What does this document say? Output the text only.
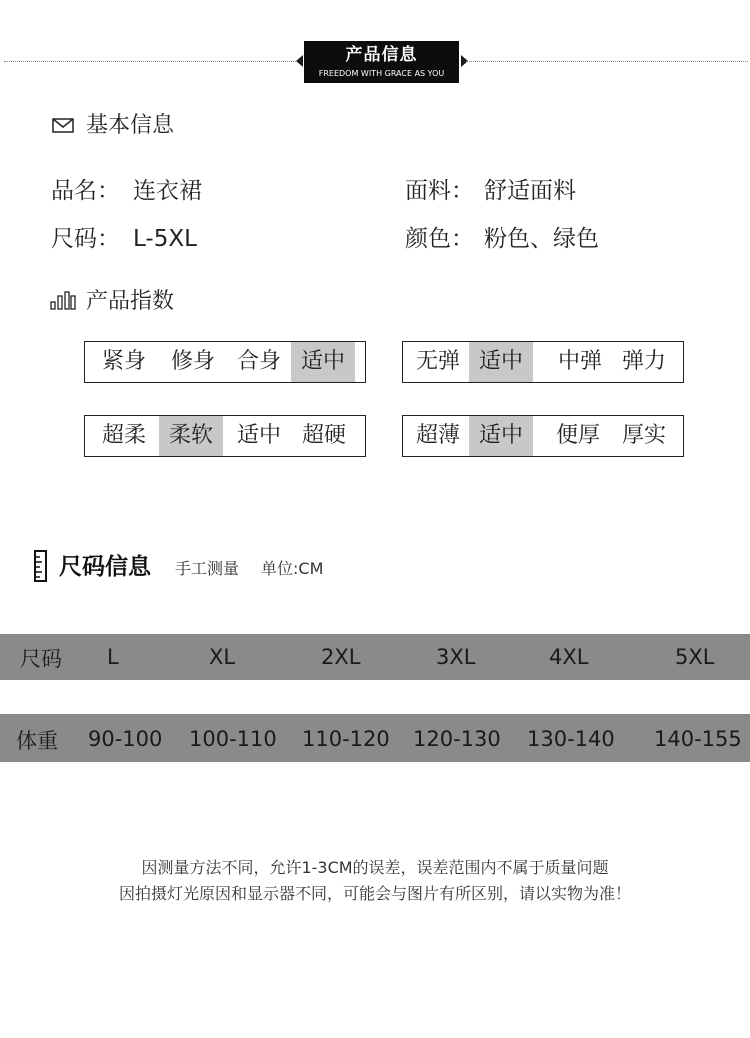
产品信息
FREEDOM WITH GRACE AS YOU
基本信息
品名： 连衣裙	面料： 舒适面料
尺码： L-5XL	颜色： 粉色、绿色
产品指数
紧身	修身 合身 适中	无弹 适中	中弹 弹力
超柔	柔软	适中 超硬	超薄 适中	便厚 厚实
尺码信息 手工测量 单位:CM
尺码 L	XL	2XL	3XL	4XL	5XL
体重 90-100 100-110 110-120 120-130 130-140 140-155
因测量方法不同，允许1-3CM的误差，误差范围内不属于质量问题
因拍摄灯光原因和显示器不同，可能会与图片有所区别，请以实物为准！
